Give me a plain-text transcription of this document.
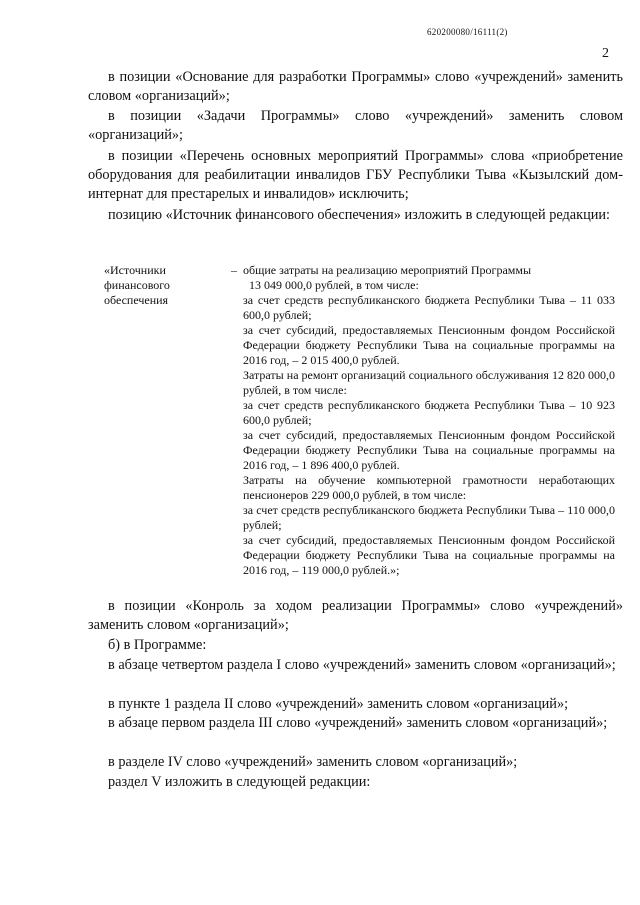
620200080/16111(2)
2

в позиции «Основание для разработки Программы» слово «учреждений» заменить словом «организаций»;

в позиции «Задачи Программы» слово «учреждений» заменить словом «организаций»;

в позиции «Перечень основных мероприятий Программы» слова «приобретение оборудования для реабилитации инвалидов ГБУ Республики Тыва «Кызылский дом-интернат для престарелых и инвалидов» исключить;

позицию «Источник финансового обеспечения» изложить в следующей редакции:

«Источники финансового обеспечения
– общие затраты на реализацию мероприятий Программы

13 049 000,0 рублей, в том числе:

за счет средств республиканского бюджета Республики Тыва – 11 033 600,0 рублей;

за счет субсидий, предоставляемых Пенсионным фондом Российской Федерации бюджету Республики Тыва на социальные программы на 2016 год, – 2 015 400,0 рублей.

Затраты на ремонт организаций социального обслуживания 12 820 000,0 рублей, в том числе:

за счет средств республиканского бюджета Республики Тыва – 10 923 600,0 рублей;

за счет субсидий, предоставляемых Пенсионным фондом Российской Федерации бюджету Республики Тыва на социальные программы на 2016 год, – 1 896 400,0 рублей.

Затраты на обучение компьютерной грамотности неработающих пенсионеров 229 000,0 рублей, в том числе:

за счет средств республиканского бюджета Республики Тыва – 110 000,0 рублей;

за счет субсидий, предоставляемых Пенсионным фондом Российской Федерации бюджету Республики Тыва на социальные программы на 2016 год, – 119 000,0 рублей.»;

в позиции «Конроль за ходом реализации Программы» слово «учреждений» заменить словом «организаций»;

б) в Программе:

в абзаце четвертом раздела I слово «учреждений» заменить словом «организаций»;

в пункте 1 раздела II слово «учреждений» заменить словом «организаций»;

в абзаце первом раздела III слово «учреждений» заменить словом «организаций»;

в разделе IV слово «учреждений» заменить словом «организаций»;

раздел V изложить в следующей редакции:
